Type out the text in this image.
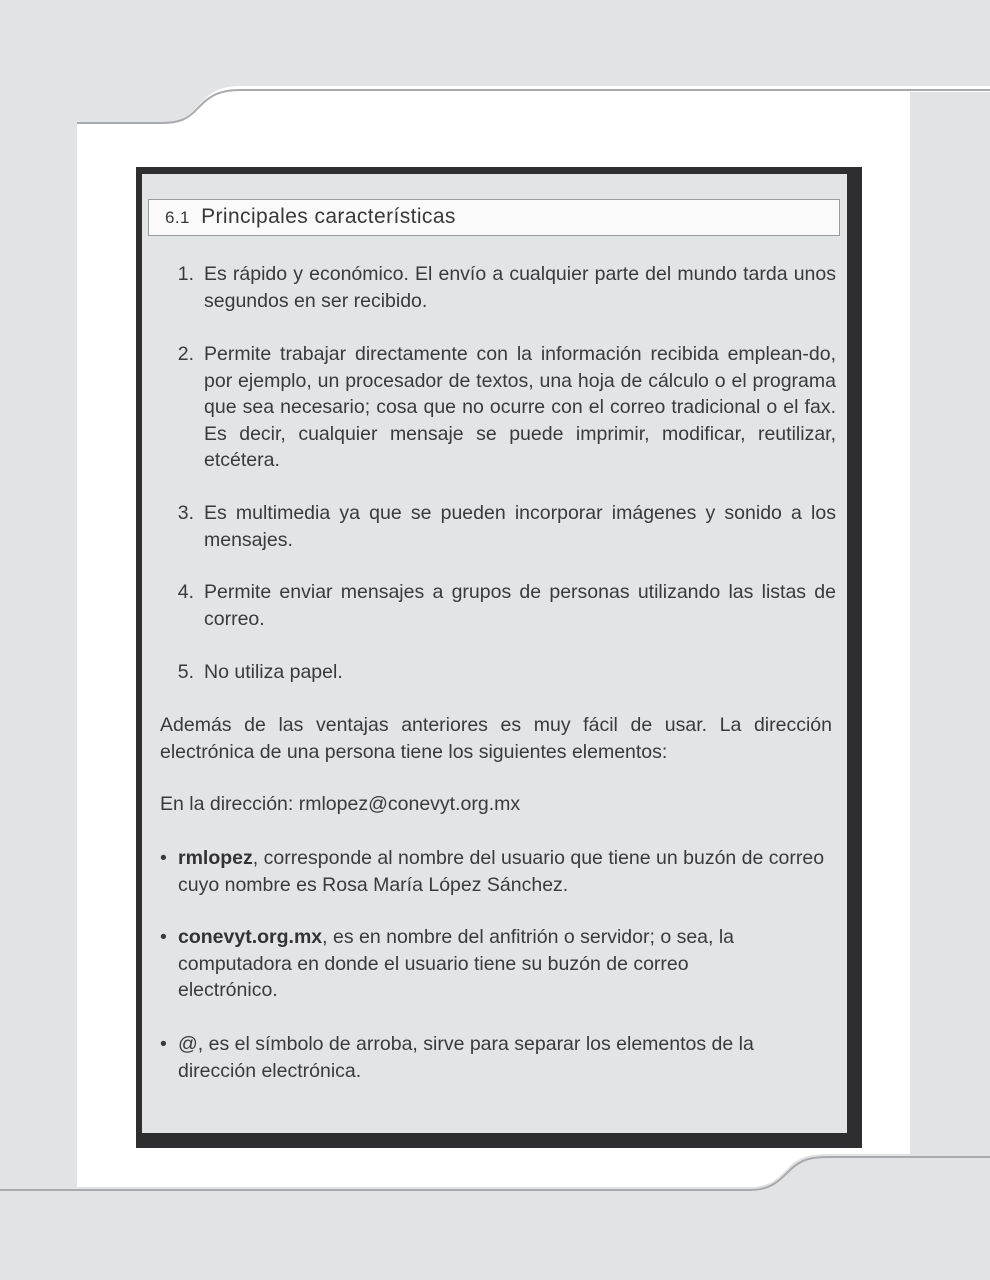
6.1 Principales características
1. Es rápido y económico. El envío a cualquier parte del mundo tarda unos segundos en ser recibido.
2. Permite trabajar directamente con la información recibida emplean-do, por ejemplo, un procesador de textos, una hoja de cálculo o el programa que sea necesario; cosa que no ocurre con el correo tradicional o el fax. Es decir, cualquier mensaje se puede imprimir, modificar, reutilizar, etcétera.
3. Es multimedia ya que se pueden incorporar imágenes y sonido a los mensajes.
4. Permite enviar mensajes a grupos de personas utilizando las listas de correo.
5. No utiliza papel.
Además de las ventajas anteriores es muy fácil de usar. La dirección electrónica de una persona tiene los siguientes elementos:
En la dirección: rmlopez@conevyt.org.mx
• rmlopez, corresponde al nombre del usuario que tiene un buzón de correo cuyo nombre es Rosa María López Sánchez.
• conevyt.org.mx, es en nombre del anfitrión o servidor; o sea, la computadora en donde el usuario tiene su buzón de correo electrónico.
• @, es el símbolo de arroba, sirve para separar los elementos de la dirección electrónica.
